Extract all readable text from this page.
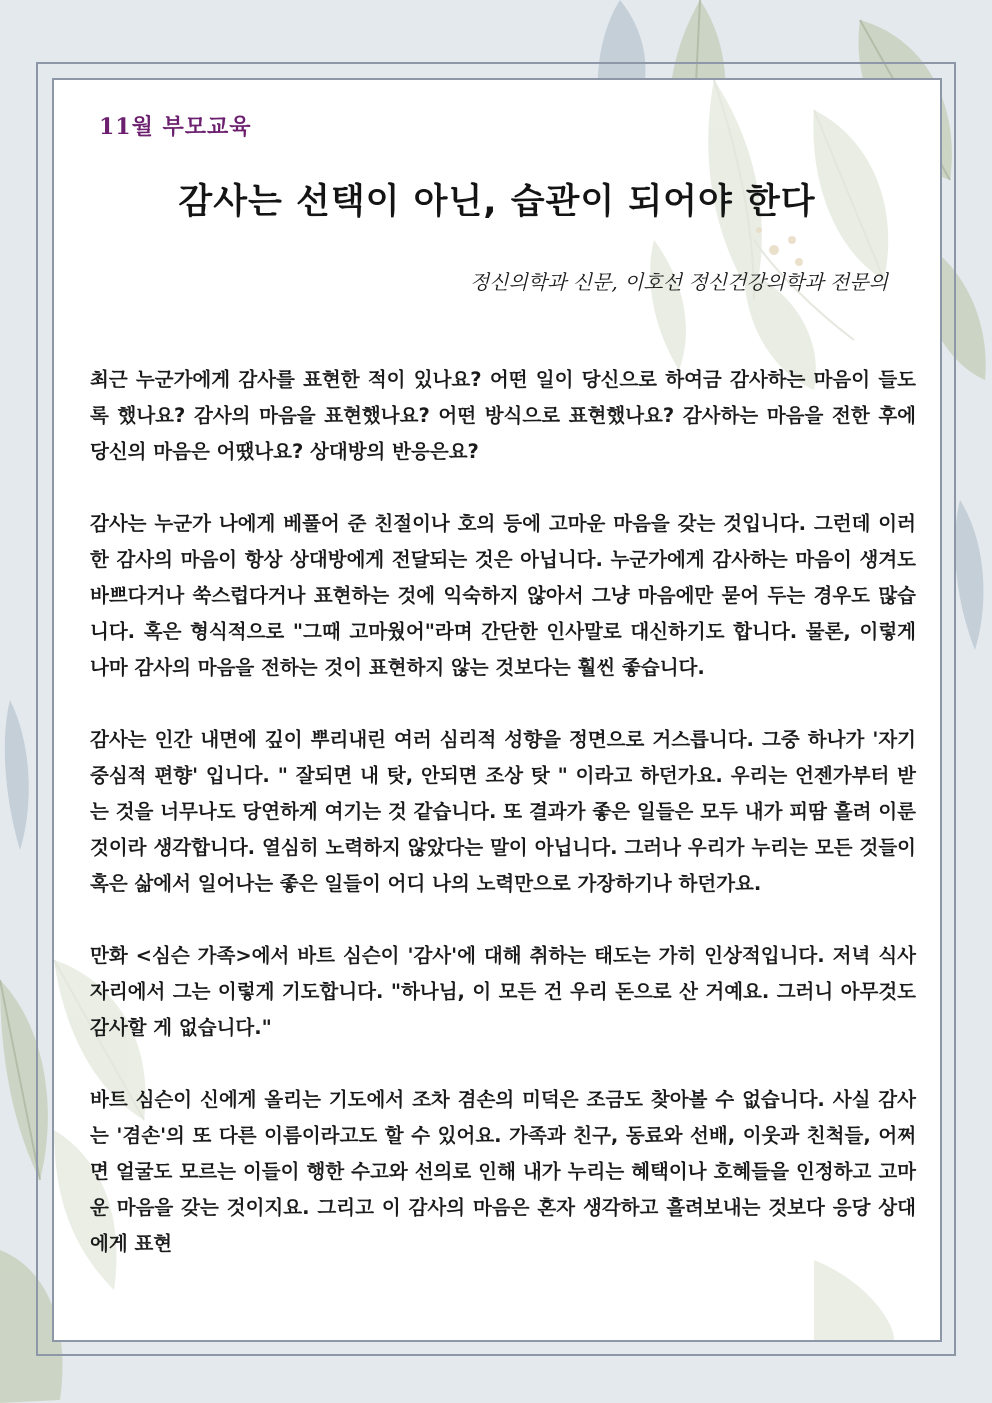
11월 부모교육
감사는 선택이 아닌, 습관이 되어야 한다
정신의학과 신문, 이호선 정신건강의학과 전문의

최근 누군가에게 감사를 표현한 적이 있나요? 어떤 일이 당신으로 하여금 감사하는 마음이 들도록 했나요? 감사의 마음을 표현했나요? 어떤 방식으로 표현했나요? 감사하는 마음을 전한 후에 당신의 마음은 어땠나요? 상대방의 반응은요?

감사는 누군가 나에게 베풀어 준 친절이나 호의 등에 고마운 마음을 갖는 것입니다. 그런데 이러한 감사의 마음이 항상 상대방에게 전달되는 것은 아닙니다. 누군가에게 감사하는 마음이 생겨도 바쁘다거나 쑥스럽다거나 표현하는 것에 익숙하지 않아서 그냥 마음에만 묻어 두는 경우도 많습니다. 혹은 형식적으로 "그때 고마웠어"라며 간단한 인사말로 대신하기도 합니다. 물론, 이렇게나마 감사의 마음을 전하는 것이 표현하지 않는 것보다는 훨씬 좋습니다.

감사는 인간 내면에 깊이 뿌리내린 여러 심리적 성향을 정면으로 거스릅니다. 그중 하나가 '자기중심적 편향' 입니다. " 잘되면 내 탓, 안되면 조상 탓 " 이라고 하던가요. 우리는 언젠가부터 받는 것을 너무나도 당연하게 여기는 것 같습니다. 또 결과가 좋은 일들은 모두 내가 피땀 흘려 이룬 것이라 생각합니다. 열심히 노력하지 않았다는 말이 아닙니다. 그러나 우리가 누리는 모든 것들이 혹은 삶에서 일어나는 좋은 일들이 어디 나의 노력만으로 가장하기나 하던가요.

만화 <심슨 가족>에서 바트 심슨이 '감사'에 대해 취하는 태도는 가히 인상적입니다. 저녁 식사 자리에서 그는 이렇게 기도합니다. "하나님, 이 모든 건 우리 돈으로 산 거예요. 그러니 아무것도 감사할 게 없습니다."

바트 심슨이 신에게 올리는 기도에서 조차 겸손의 미덕은 조금도 찾아볼 수 없습니다. 사실 감사는 '겸손'의 또 다른 이름이라고도 할 수 있어요. 가족과 친구, 동료와 선배, 이웃과 친척들, 어쩌면 얼굴도 모르는 이들이 행한 수고와 선의로 인해 내가 누리는 혜택이나 호혜들을 인정하고 고마운 마음을 갖는 것이지요. 그리고 이 감사의 마음은 혼자 생각하고 흘려보내는 것보다 응당 상대에게 표현
